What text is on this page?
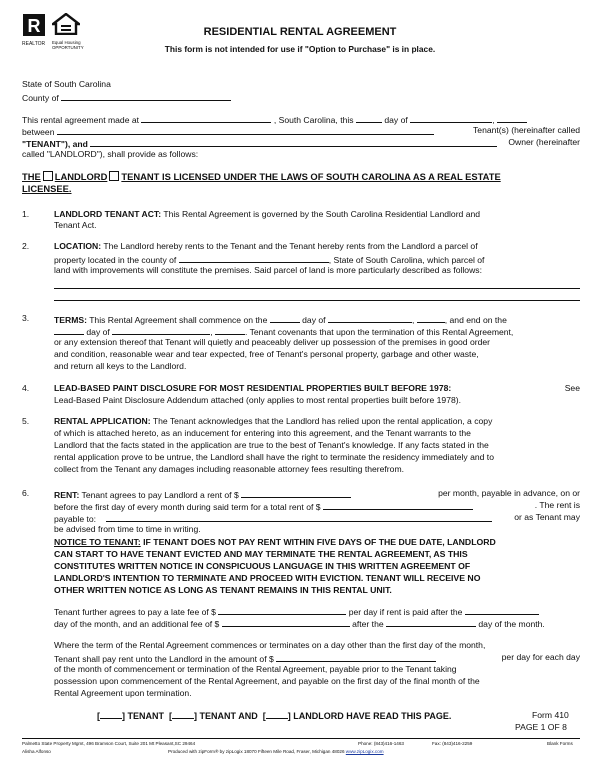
R
REALTOR Equal Housing
OPPORTUNITY
RESIDENTIAL RENTAL AGREEMENT
This form is not intended for use if "Option to Purchase" is in place.
State of South Carolina
County of
This rental agreement made at	, South Carolina, this	day of	,
between	Tenant(s) (hereinafter called
"TENANT"), and	Owner (hereinafter
called "LANDLORD"), shall provide as follows:
THE LANDLORD TENANT IS LICENSED UNDER THE LAWS OF SOUTH CAROLINA AS A REAL ESTATE
LICENSEE.
1.	LANDLORD TENANT ACT: This Rental Agreement is governed by the South Carolina Residential Landlord and
Tenant Act.
2.	LOCATION: The Landlord hereby rents to the Tenant and the Tenant hereby rents from the Landlord a parcel of
property located in the county of	, State of South Carolina, which parcel of
land with improvements will constitute the premises. Said parcel of land is more particularly described as follows:
3.	TERMS: This Rental Agreement shall commence on the	day of	,	, and end on the
day of	,	. Tenant covenants that upon the termination of this Rental Agreement,
or any extension thereof that Tenant will quietly and peaceably deliver up possession of the premises in good order
and condition, reasonable wear and tear expected, free of Tenant's personal property, garbage and other waste,
and return all keys to the Landlord.
4.	LEAD-BASED PAINT DISCLOSURE FOR MOST RESIDENTIAL PROPERTIES BUILT BEFORE 1978:	See
Lead-Based Paint Disclosure Addendum attached (only applies to most rental properties built before 1978).
5.	RENTAL APPLICATION: The Tenant acknowledges that the Landlord has relied upon the rental application, a copy
of which is attached hereto, as an inducement for entering into this agreement, and the Tenant warrants to the
Landlord that the facts stated in the application are true to the best of Tenant's knowledge. If any facts stated in the
rental application prove to be untrue, the Landlord shall have the right to terminate the residency immediately and to
collect from the Tenant any damages including reasonable attorney fees resulting therefrom.
6.	RENT: Tenant agrees to pay Landlord a rent of $	per month, payable in advance, on or
before the first day of every month during said term for a total rent of $	. The rent is
payable to:	or as Tenant may
be advised from time to time in writing.
NOTICE TO TENANT: IF TENANT DOES NOT PAY RENT WITHIN FIVE DAYS OF THE DUE DATE, LANDLORD
CAN START TO HAVE TENANT EVICTED AND MAY TERMINATE THE RENTAL AGREEMENT, AS THIS
CONSTITUTES WRITTEN NOTICE IN CONSPICUOUS LANGUAGE IN THIS WRITTEN AGREEMENT OF
LANDLORD'S INTENTION TO TERMINATE AND PROCEED WITH EVICTION. TENANT WILL RECEIVE NO
OTHER WRITTEN NOTICE AS LONG AS TENANT REMAINS IN THIS RENTAL UNIT.
Tenant further agrees to pay a late fee of $	per day if rent is paid after the
day of the month, and an additional fee of $	after the	day of the month.
Where the term of the Rental Agreement commences or terminates on a day other than the first day of the month,
Tenant shall pay rent unto the Landlord in the amount of $	per day for each day
of the month of commencement or termination of the Rental Agreement, payable prior to the Tenant taking
possession upon commencement of the Rental Agreement, and payable on the first day of the final month of the
Rental Agreement upon termination.
[ ] TENANT [ ] TENANT AND [ ] LANDLORD HAVE READ THIS PAGE.	Form 410
PAGE 1 OF 8
Palmetto State Property Mgmt, 496 Bramson Court, Suite 201 Mt Pleasant,SC 29464	Phone: (843)416-1463	Fax: (843)416-2259	Blank Forms
Alisha Alfonso	Produced with zipForm® by zipLogix 18070 Fifteen Mile Road, Fraser, Michigan 48026 www.zipLogix.com
